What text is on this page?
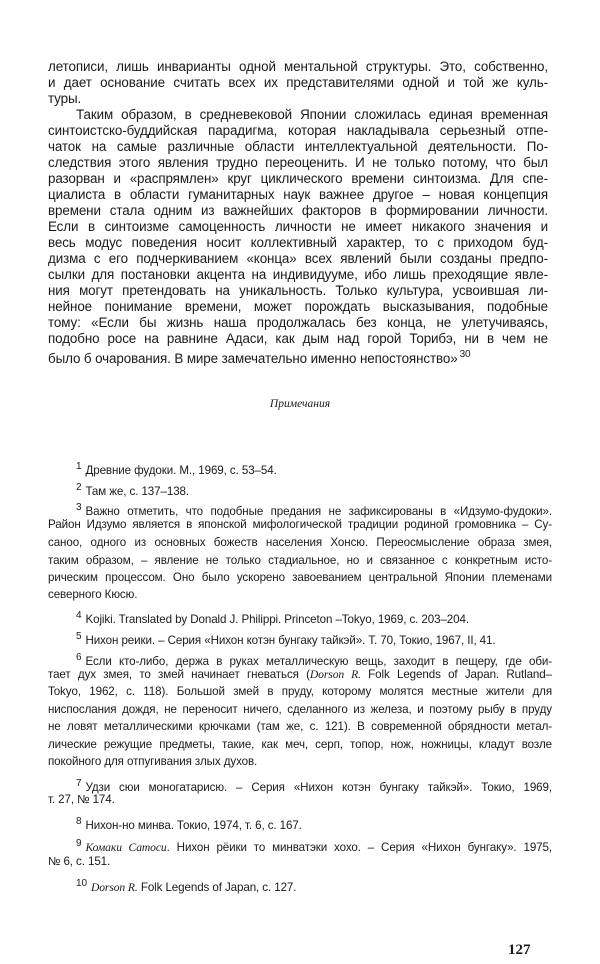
летописи, лишь инварианты одной ментальной структуры. Это, собственно,
и дает основание считать всех их представителями одной и той же куль-
туры.
Таким образом, в средневековой Японии сложилась единая временная
синтоистско-буддийская парадигма, которая накладывала серьезный отпе-
чаток на самые различные области интеллектуальной деятельности. По-
следствия этого явления трудно переоценить. И не только потому, что был
разорван и «распрямлен» круг циклического времени синтоизма. Для спе-
циалиста в области гуманитарных наук важнее другое – новая концепция
времени стала одним из важнейших факторов в формировании личности.
Если в синтоизме самоценность личности не имеет никакого значения и
весь модус поведения носит коллективный характер, то с приходом буд-
дизма с его подчеркиванием «конца» всех явлений были созданы предпо-
сылки для постановки акцента на индивидууме, ибо лишь преходящие явле-
ния могут претендовать на уникальность. Только культура, усвоившая ли-
нейное понимание времени, может порождать высказывания, подобные
тому: «Если бы жизнь наша продолжалась без конца, не улетучиваясь,
подобно росе на равнине Адаси, как дым над горой Торибэ, ни в чем не
было б очарования. В мире замечательно именно непостоянство» $^{30}$
Примечания
1 Древние фудоки. М., 1969, с. 53–54.
2 Там же, с. 137–138.
3 Важно отметить, что подобные предания не зафиксированы в «Идзумо-фудоки».
Район Идзумо является в японской мифологической традиции родиной громовника – Су-
саноо, одного из основных божеств населения Хонсю. Переосмысление образа змея,
таким образом, – явление не только стадиальное, но и связанное с конкретным исто-
рическим процессом. Оно было ускорено завоеванием центральной Японии племенами
северного Кюсю.
4 Kojiki. Translated by Donald J. Philippi. Princeton –Tokyo, 1969, c. 203–204.
5 Нихон реики. – Серия «Нихон котэн бунгаку тайкэй». Т. 70, Токио, 1967, II, 41.
6 Если кто-либо, держа в руках металлическую вещь, заходит в пещеру, где оби-
тает дух змея, то змей начинает гневаться (Dorson R. Folk Legends of Japan. Rutland–
Tokyo, 1962, c. 118). Большой змей в пруду, которому молятся местные жители для
ниспослания дождя, не переносит ничего, сделанного из железа, и поэтому рыбу в пруду
не ловят металлическими крючками (там же, с. 121). В современной обрядности метал-
лические режущие предметы, такие, как меч, серп, топор, нож, ножницы, кладут возле
покойного для отпугивания злых духов.
7 Удзи сюи моногатарисю. – Серия «Нихон котэн бунгаку тайкэй». Токио, 1969,
т. 27, № 174.
8 Нихон-но минва. Токио, 1974, т. 6, с. 167.
9 Комаки Сатоси. Нихон рёики то минватэки хохо. – Серия «Нихон бунгаку». 1975,
№ 6, с. 151.
10 Dorson R. Folk Legends of Japan, c. 127.
127
